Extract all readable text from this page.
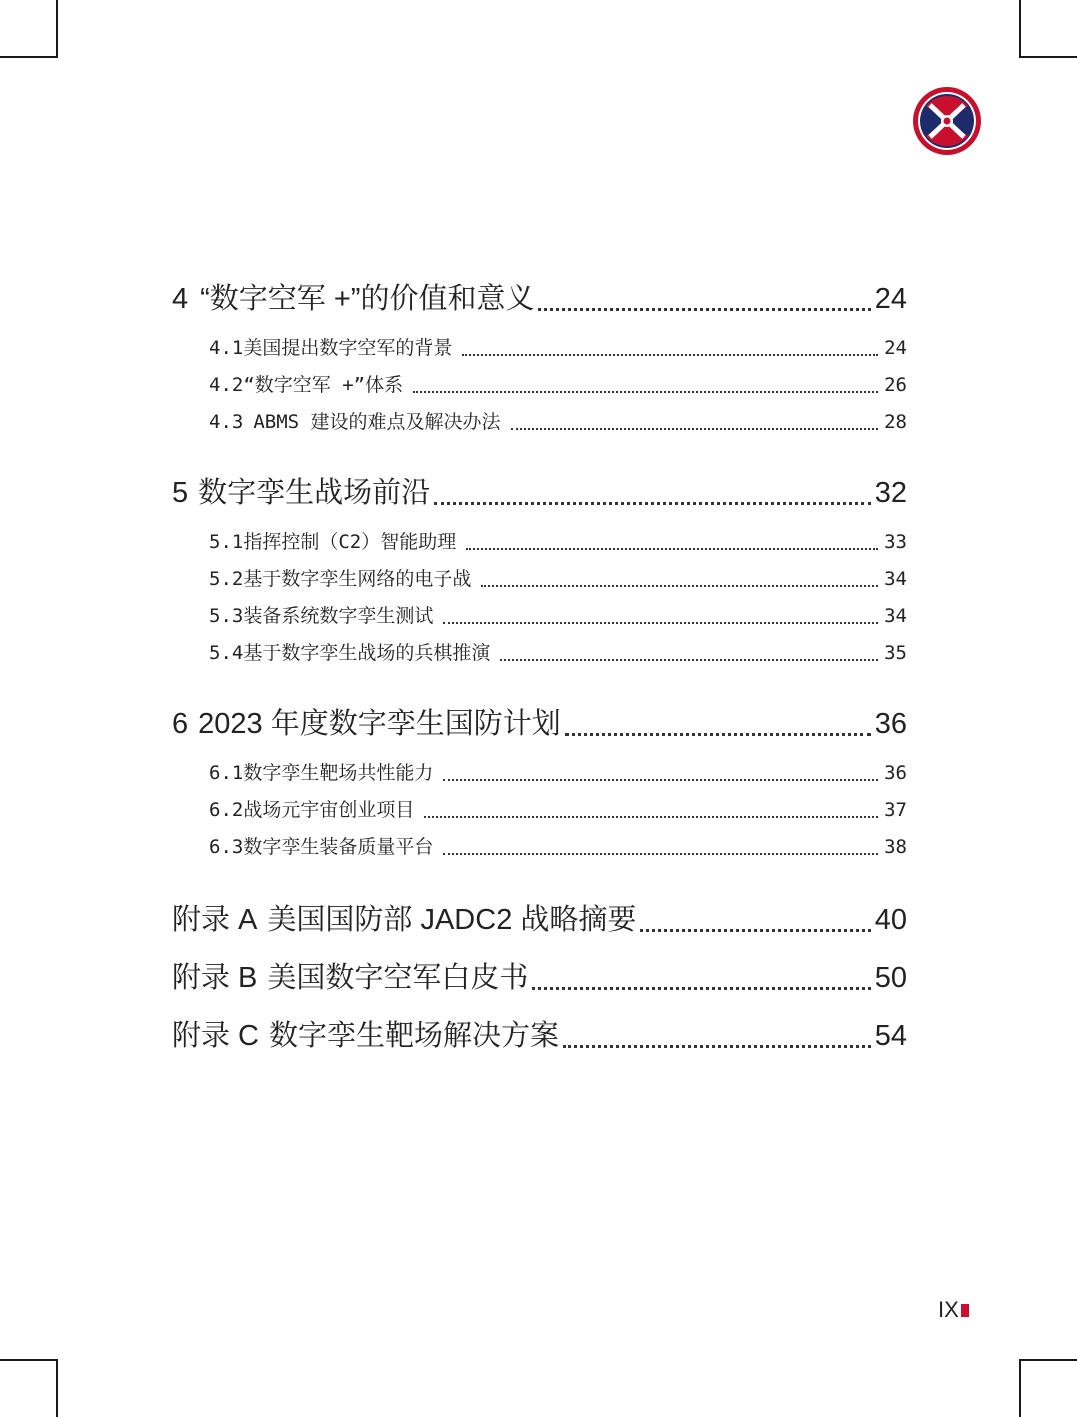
4 “数字空军 +”的价值和意义	24
4.1 美国提出数字空军的背景	24
4.2 “数字空军 +”体系	26
4.3 ABMS 建设的难点及解决办法	28
5 数字孪生战场前沿	32
5.1 指挥控制（C2）智能助理	33
5.2 基于数字孪生网络的电子战	34
5.3 装备系统数字孪生测试	34
5.4 基于数字孪生战场的兵棋推演	35
6 2023 年度数字孪生国防计划	36
6.1 数字孪生靶场共性能力	36
6.2 战场元宇宙创业项目	37
6.3 数字孪生装备质量平台	38
附录 A 美国国防部 JADC2 战略摘要	40
附录 B 美国数字空军白皮书	50
附录 C 数字孪生靶场解决方案	54
IX
